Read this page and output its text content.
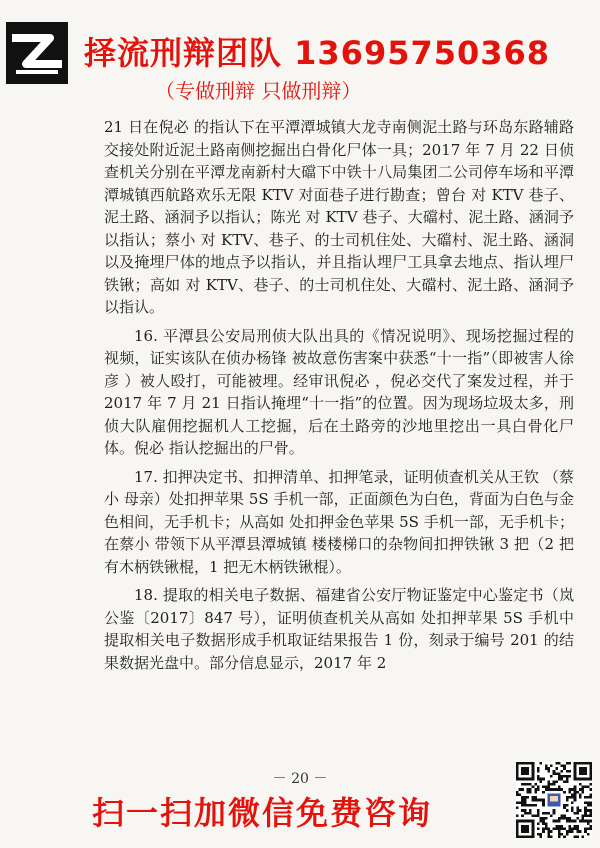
择流刑辩团队 13695750368
（专做刑辩 只做刑辩）

21 日在倪必 的指认下在平潭潭城镇大龙寺南侧泥土路与环岛东路辅路交接处附近泥土路南侧挖掘出白骨化尸体一具；2017 年 7 月 22 日侦查机关分别在平潭龙南新村大礑下中铁十八局集团二公司停车场和平潭潭城镇西航路欢乐无限 KTV 对面巷子进行勘查；曾台 对 KTV 巷子、泥土路、涵洞予以指认；陈光 对 KTV 巷子、大礑村、泥土路、涵洞予以指认；蔡小 对 KTV、巷子、的士司机住处、大礑村、泥土路、涵洞以及掩埋尸体的地点予以指认，并且指认埋尸工具拿去地点、指认埋尸铁锹；高如 对 KTV、巷子、的士司机住处、大礑村、泥土路、涵洞予以指认。

16. 平潭县公安局刑侦大队出具的《情况说明》、现场挖掘过程的视频，证实该队在侦办杨锋 被故意伤害案中获悉“十一指”（即被害人徐彦 ）被人殴打，可能被埋。经审讯倪必 ，倪必交代了案发过程，并于 2017 年 7 月 21 日指认掩埋“十一指”的位置。因为现场垃圾太多，刑侦大队雇佣挖掘机人工挖掘，后在土路旁的沙地里挖出一具白骨化尸体。倪必 指认挖掘出的尸骨。

17. 扣押决定书、扣押清单、扣押笔录，证明侦查机关从王钦 （蔡小 母亲）处扣押苹果 5S 手机一部，正面颜色为白色，背面为白色与金色相间，无手机卡；从高如 处扣押金色苹果 5S 手机一部，无手机卡；在蔡小 带领下从平潭县潭城镇 楼楼梯口的杂物间扣押铁锹 3 把（2 把有木柄铁锹棍，1 把无木柄铁锹棍）。

18. 提取的相关电子数据、福建省公安厅物证鉴定中心鉴定书（岚公鉴〔2017〕847 号），证明侦查机关从高如 处扣押苹果 5S 手机中提取相关电子数据形成手机取证结果报告 1 份，刻录于编号 201 的结果数据光盘中。部分信息显示，2017 年 2

－ 20 －
扫一扫加微信免费咨询
